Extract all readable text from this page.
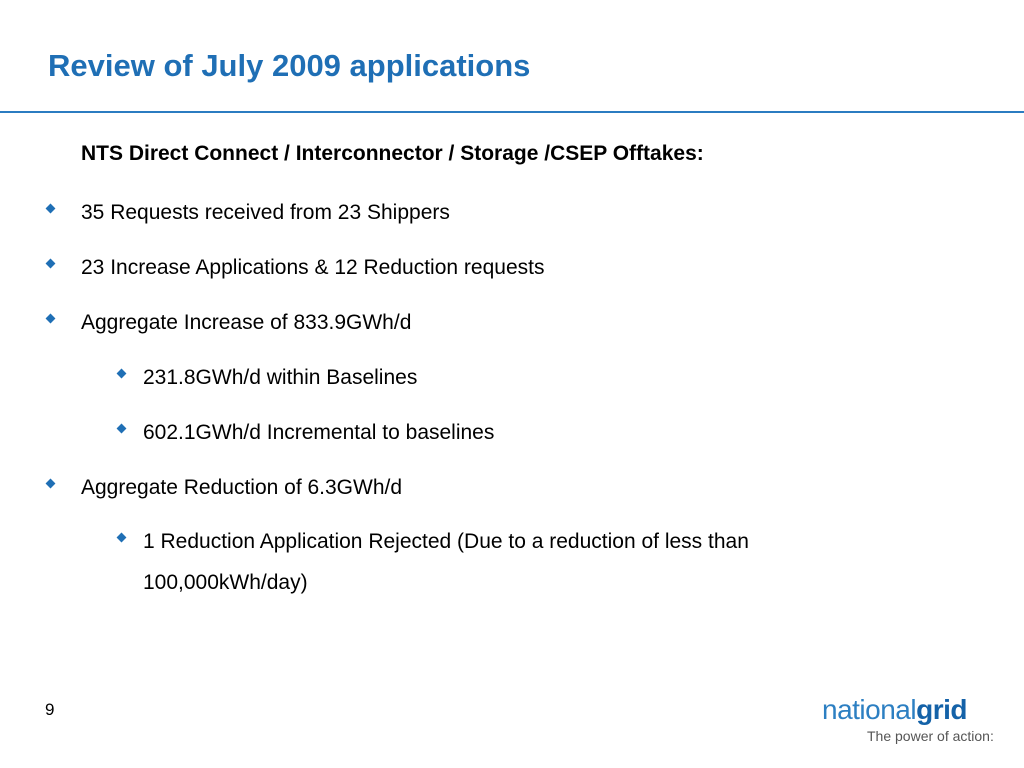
Review of July 2009 applications
NTS Direct Connect / Interconnector / Storage /CSEP Offtakes:
35 Requests received from 23 Shippers
23 Increase Applications & 12 Reduction requests
Aggregate Increase of 833.9GWh/d
231.8GWh/d within Baselines
602.1GWh/d Incremental to baselines
Aggregate Reduction of 6.3GWh/d
1 Reduction Application Rejected (Due to a reduction of less than 100,000kWh/day)
9	nationalgrid
The power of action:
